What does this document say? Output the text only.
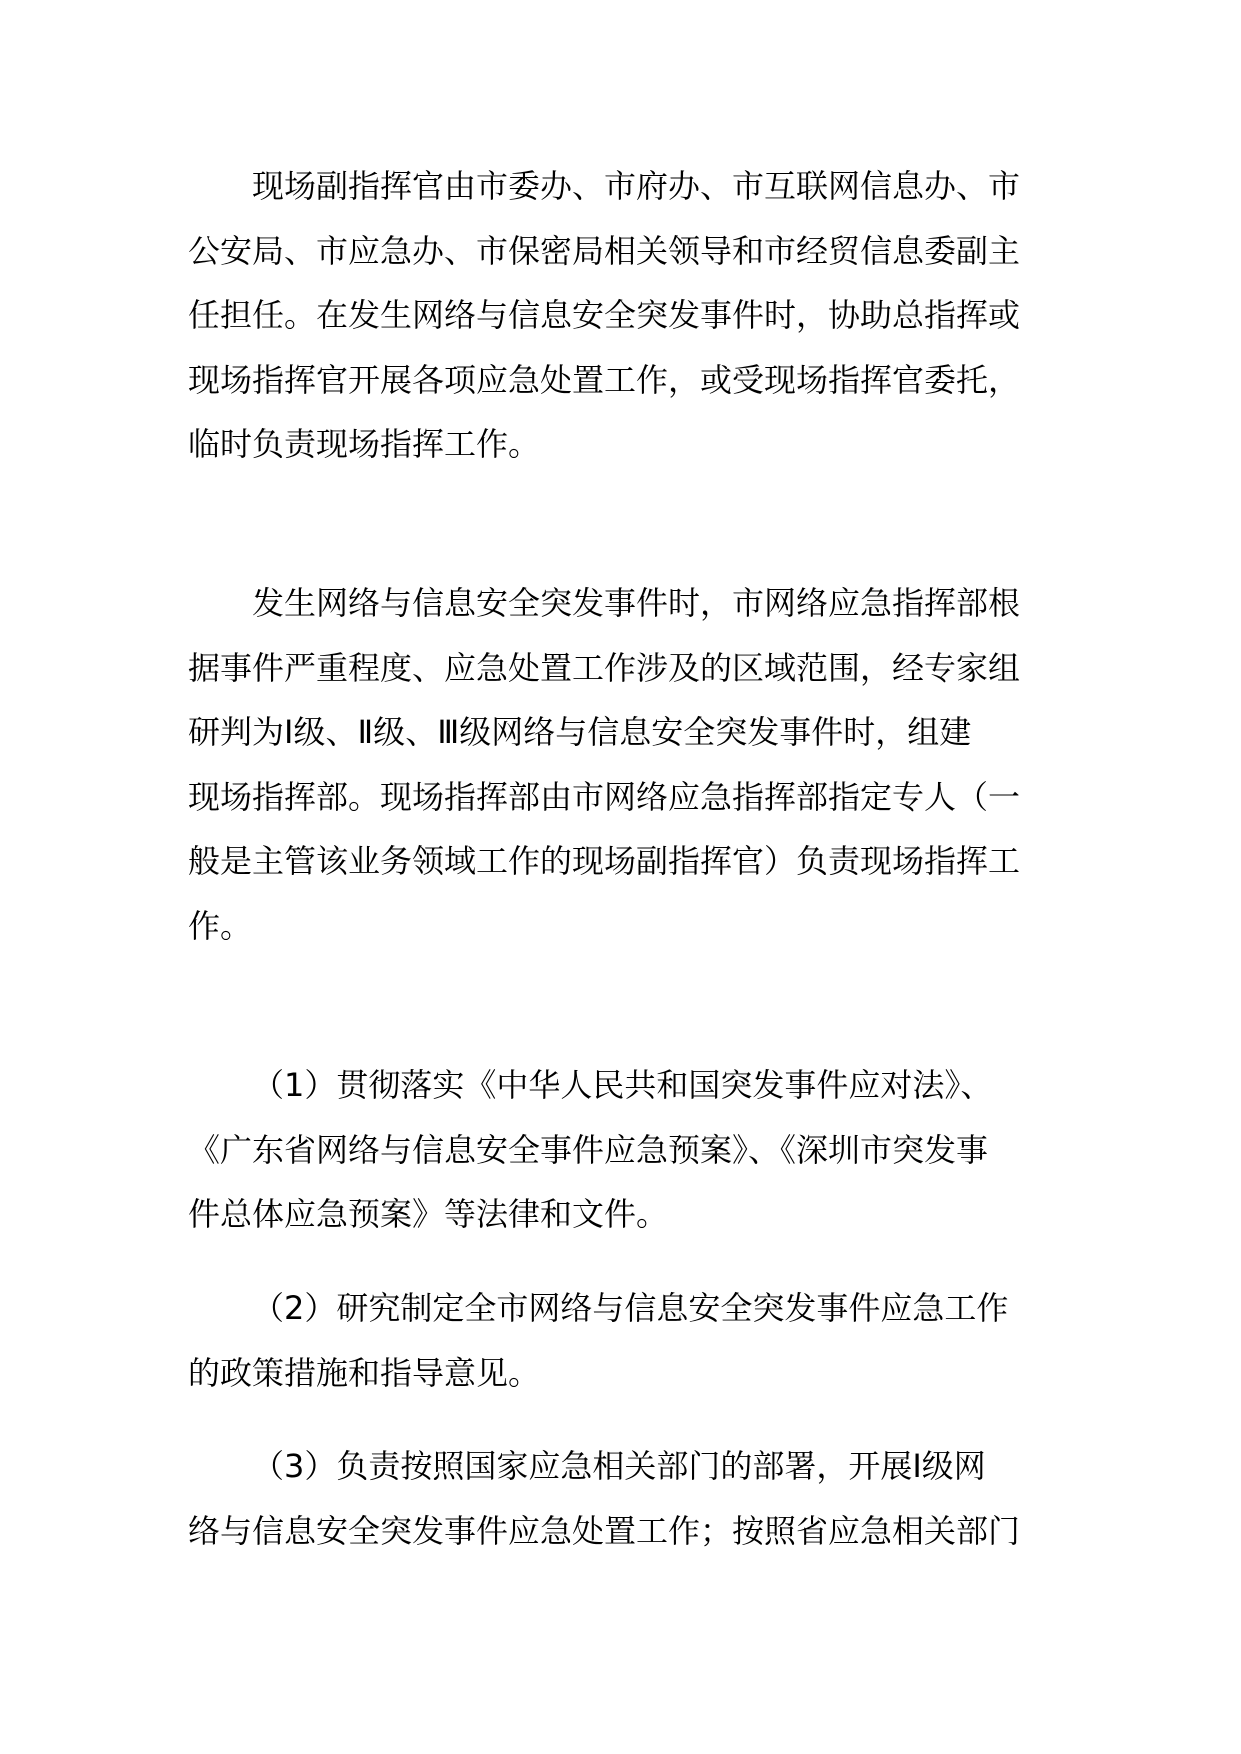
现场副指挥官由市委办、市府办、市互联网信息办、市
公安局、市应急办、市保密局相关领导和市经贸信息委副主
任担任。在发生网络与信息安全突发事件时，协助总指挥或
现场指挥官开展各项应急处置工作，或受现场指挥官委托，
临时负责现场指挥工作。
发生网络与信息安全突发事件时，市网络应急指挥部根
据事件严重程度、应急处置工作涉及的区域范围，经专家组
研判为Ⅰ级、Ⅱ级、Ⅲ级网络与信息安全突发事件时，组建
现场指挥部。现场指挥部由市网络应急指挥部指定专人（一
般是主管该业务领域工作的现场副指挥官）负责现场指挥工
作。
（1）贯彻落实《中华人民共和国突发事件应对法》、
《广东省网络与信息安全事件应急预案》、《深圳市突发事
件总体应急预案》等法律和文件。
（2）研究制定全市网络与信息安全突发事件应急工作
的政策措施和指导意见。
（3）负责按照国家应急相关部门的部署，开展Ⅰ级网
络与信息安全突发事件应急处置工作；按照省应急相关部门
